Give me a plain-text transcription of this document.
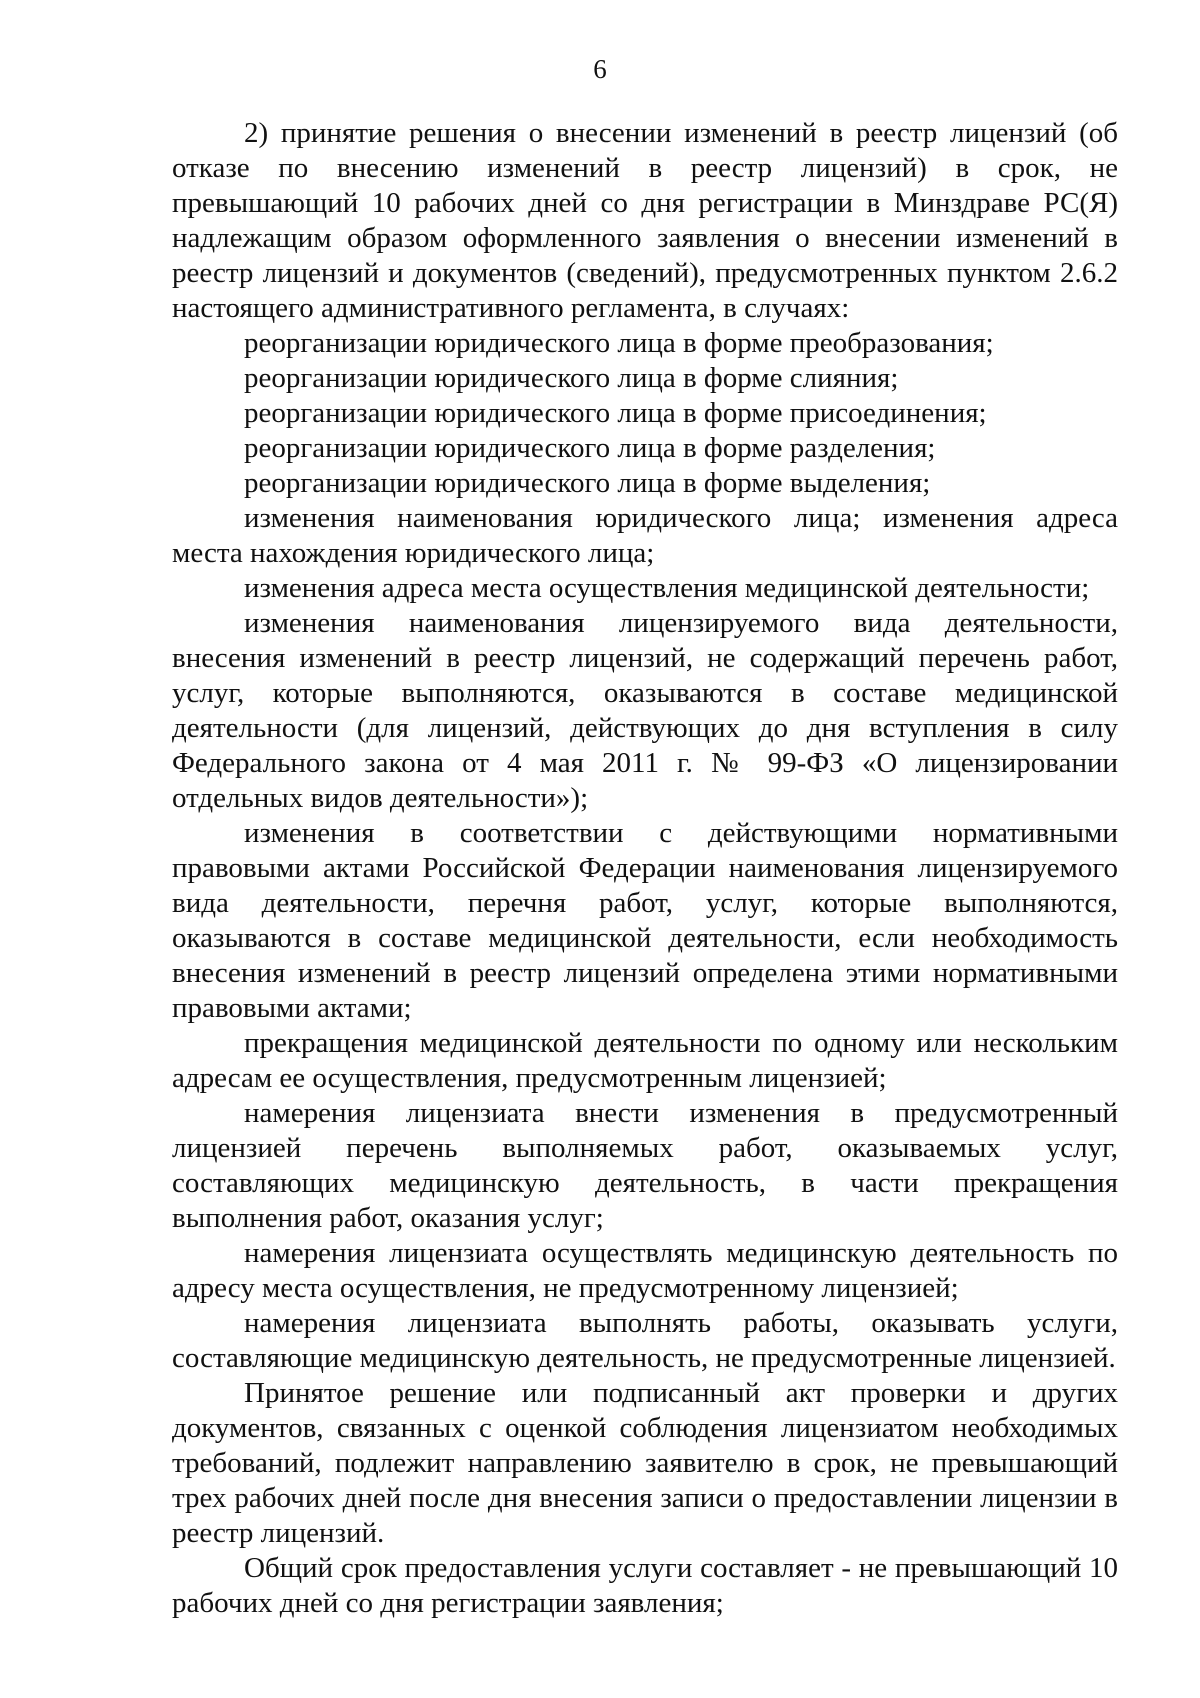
6

2) принятие решения о внесении изменений в реестр лицензий (об отказе по внесению изменений в реестр лицензий) в срок, не превышающий 10 рабочих дней со дня регистрации в Минздраве РС(Я) надлежащим образом оформленного заявления о внесении изменений в реестр лицензий и документов (сведений), предусмотренных пунктом 2.6.2 настоящего административного регламента, в случаях:

реорганизации юридического лица в форме преобразования;

реорганизации юридического лица в форме слияния;

реорганизации юридического лица в форме присоединения;

реорганизации юридического лица в форме разделения;

реорганизации юридического лица в форме выделения;

изменения наименования юридического лица; изменения адреса места нахождения юридического лица;

изменения адреса места осуществления медицинской деятельности;

изменения наименования лицензируемого вида деятельности, внесения изменений в реестр лицензий, не содержащий перечень работ, услуг, которые выполняются, оказываются в составе медицинской деятельности (для лицензий, действующих до дня вступления в силу Федерального закона от 4 мая 2011 г. № 99-ФЗ «О лицензировании отдельных видов деятельности»);

изменения в соответствии с действующими нормативными правовыми актами Российской Федерации наименования лицензируемого вида деятельности, перечня работ, услуг, которые выполняются, оказываются в составе медицинской деятельности, если необходимость внесения изменений в реестр лицензий определена этими нормативными правовыми актами;

прекращения медицинской деятельности по одному или нескольким адресам ее осуществления, предусмотренным лицензией;

намерения лицензиата внести изменения в предусмотренный лицензией перечень выполняемых работ, оказываемых услуг, составляющих медицинскую деятельность, в части прекращения выполнения работ, оказания услуг;

намерения лицензиата осуществлять медицинскую деятельность по адресу места осуществления, не предусмотренному лицензией;

намерения лицензиата выполнять работы, оказывать услуги, составляющие медицинскую деятельность, не предусмотренные лицензией.

Принятое решение или подписанный акт проверки и других документов, связанных с оценкой соблюдения лицензиатом необходимых требований, подлежит направлению заявителю в срок, не превышающий трех рабочих дней после дня внесения записи о предоставлении лицензии в реестр лицензий.

Общий срок предоставления услуги составляет - не превышающий 10 рабочих дней со дня регистрации заявления;
